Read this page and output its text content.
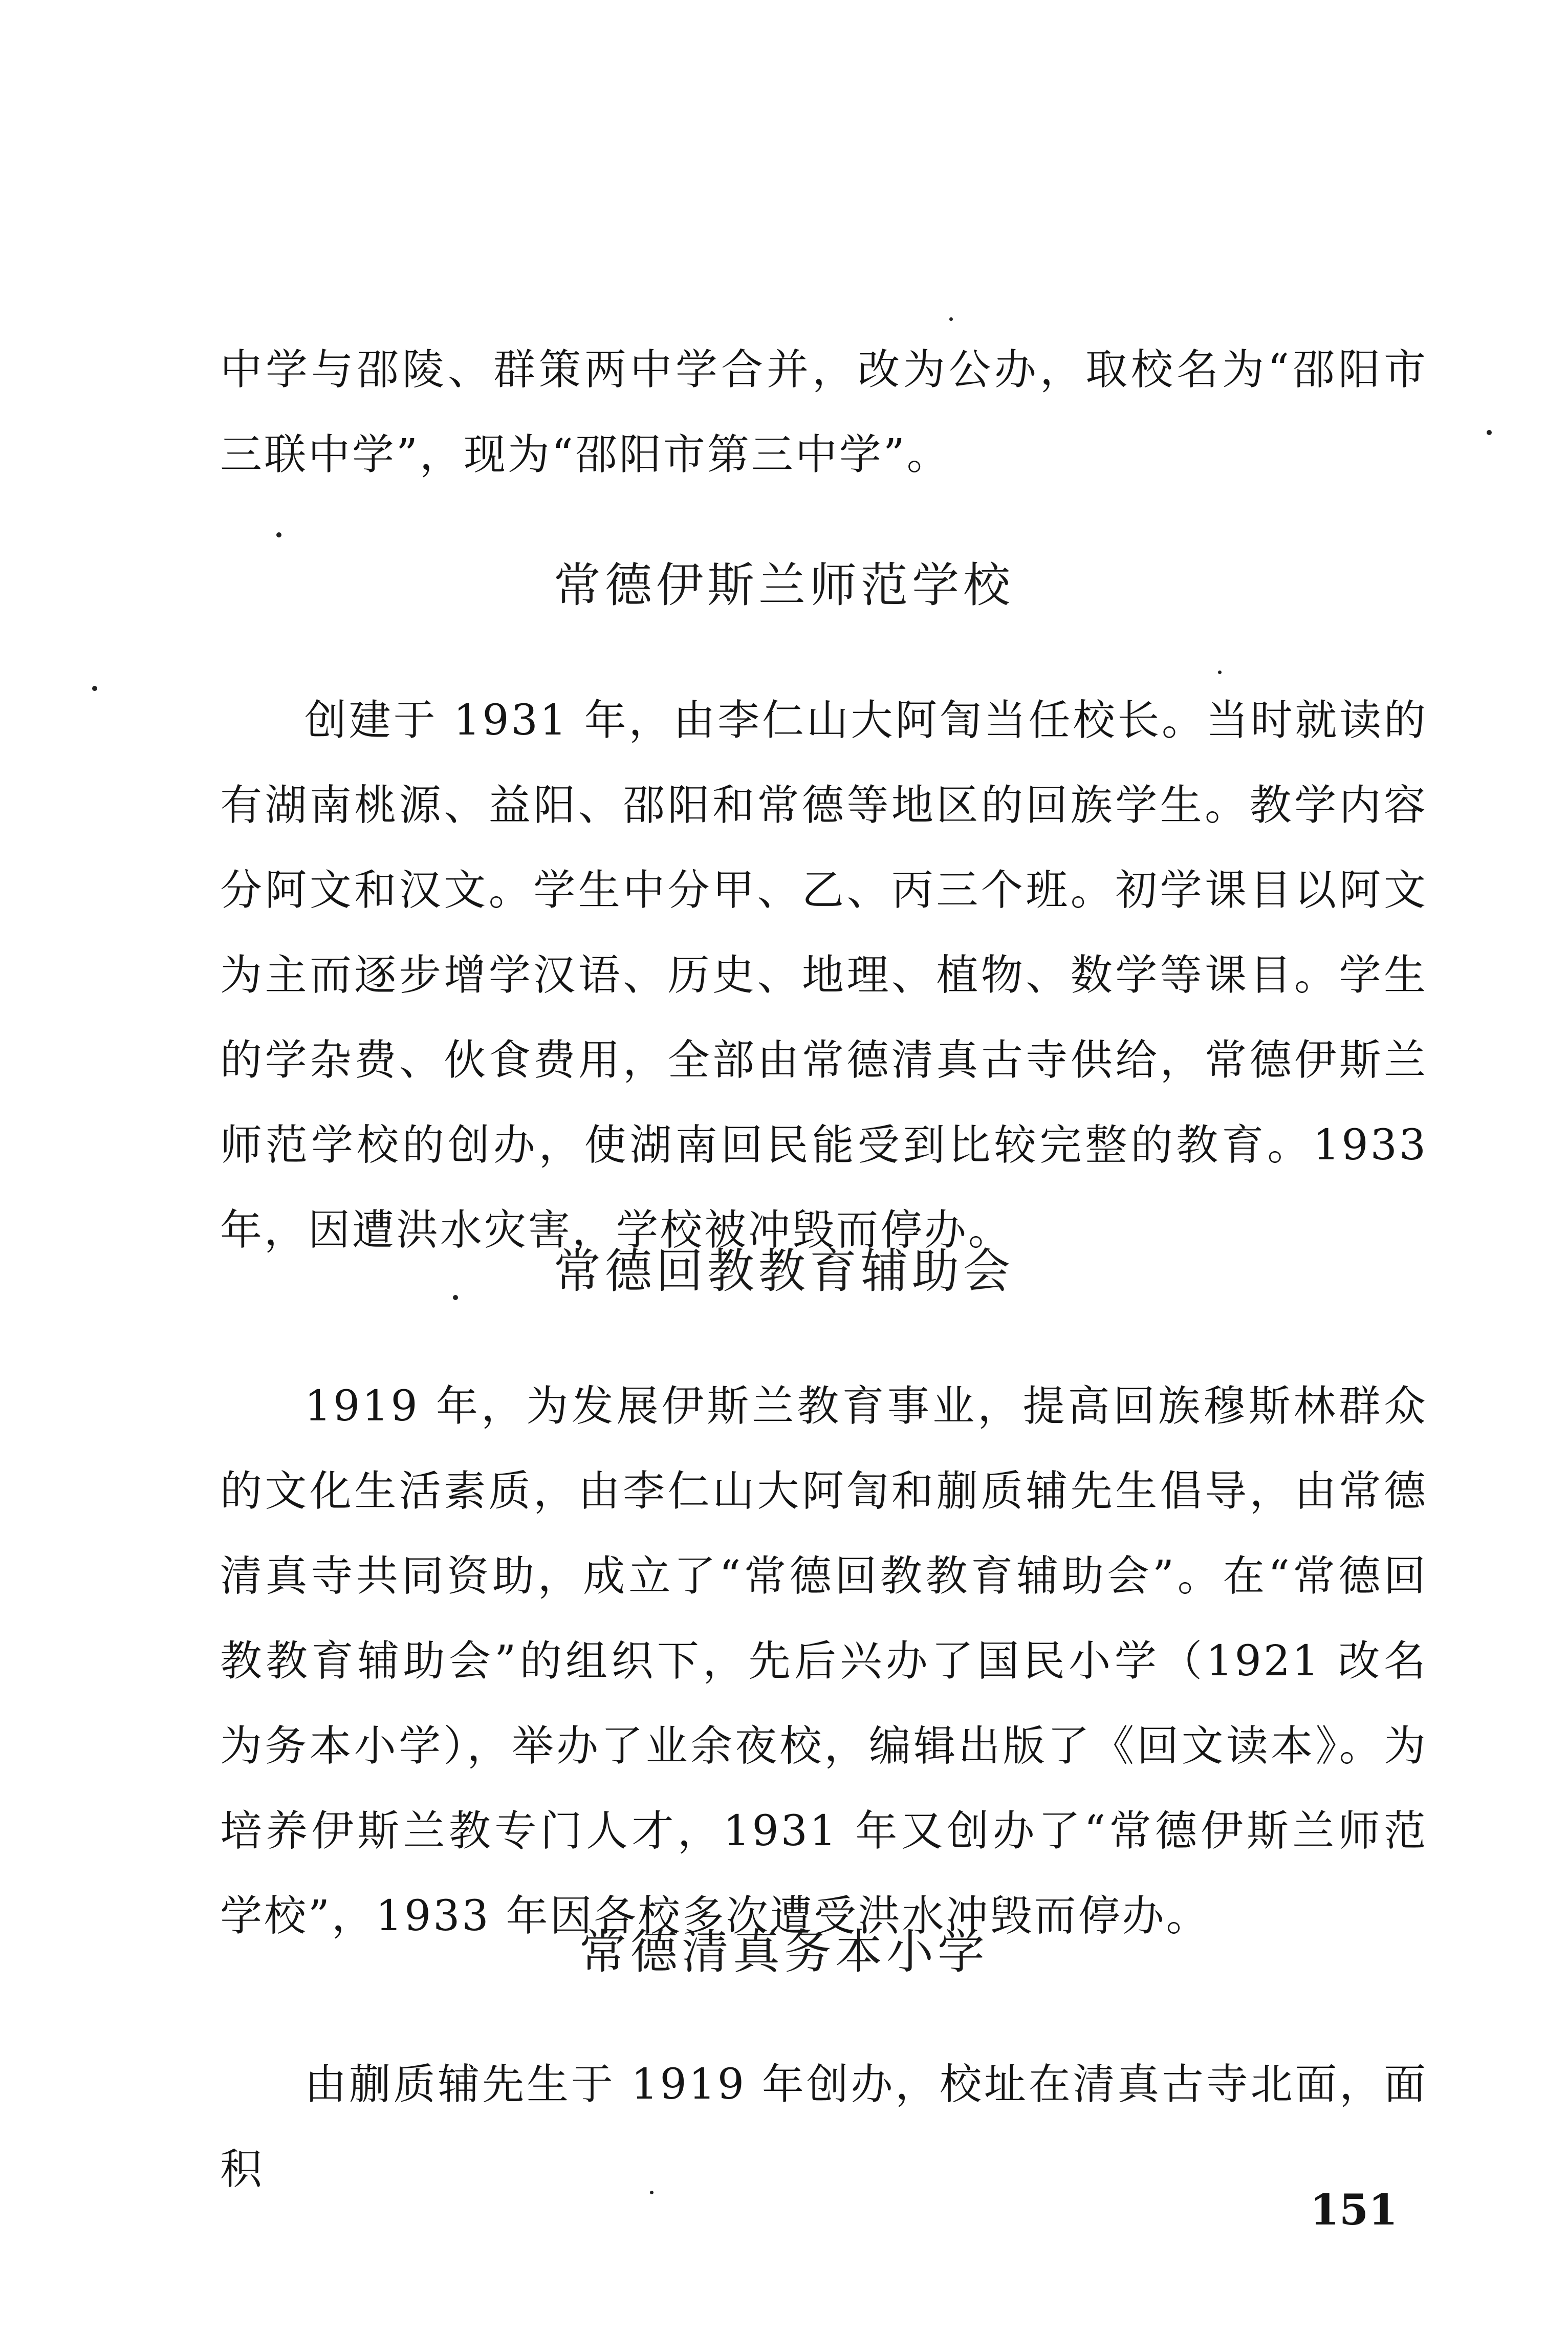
中学与邵陵、群策两中学合并，改为公办，取校名为“邵阳市三联中学”，现为“邵阳市第三中学”。

常德伊斯兰师范学校

创建于 1931 年，由李仁山大阿訇当任校长。当时就读的有湖南桃源、益阳、邵阳和常德等地区的回族学生。教学内容分阿文和汉文。学生中分甲、乙、丙三个班。初学课目以阿文为主而逐步增学汉语、历史、地理、植物、数学等课目。学生的学杂费、伙食费用，全部由常德清真古寺供给，常德伊斯兰师范学校的创办，使湖南回民能受到比较完整的教育。1933 年，因遭洪水灾害，学校被冲毁而停办。

常德回教教育辅助会

1919 年，为发展伊斯兰教育事业，提高回族穆斯林群众的文化生活素质，由李仁山大阿訇和蒯质辅先生倡导，由常德清真寺共同资助，成立了“常德回教教育辅助会”。在“常德回教教育辅助会”的组织下，先后兴办了国民小学（1921 改名为务本小学），举办了业余夜校，编辑出版了《回文读本》。为培养伊斯兰教专门人才，1931 年又创办了“常德伊斯兰师范学校”，1933 年因各校多次遭受洪水冲毁而停办。

常德清真务本小学

由蒯质辅先生于 1919 年创办，校址在清真古寺北面，面积

151
